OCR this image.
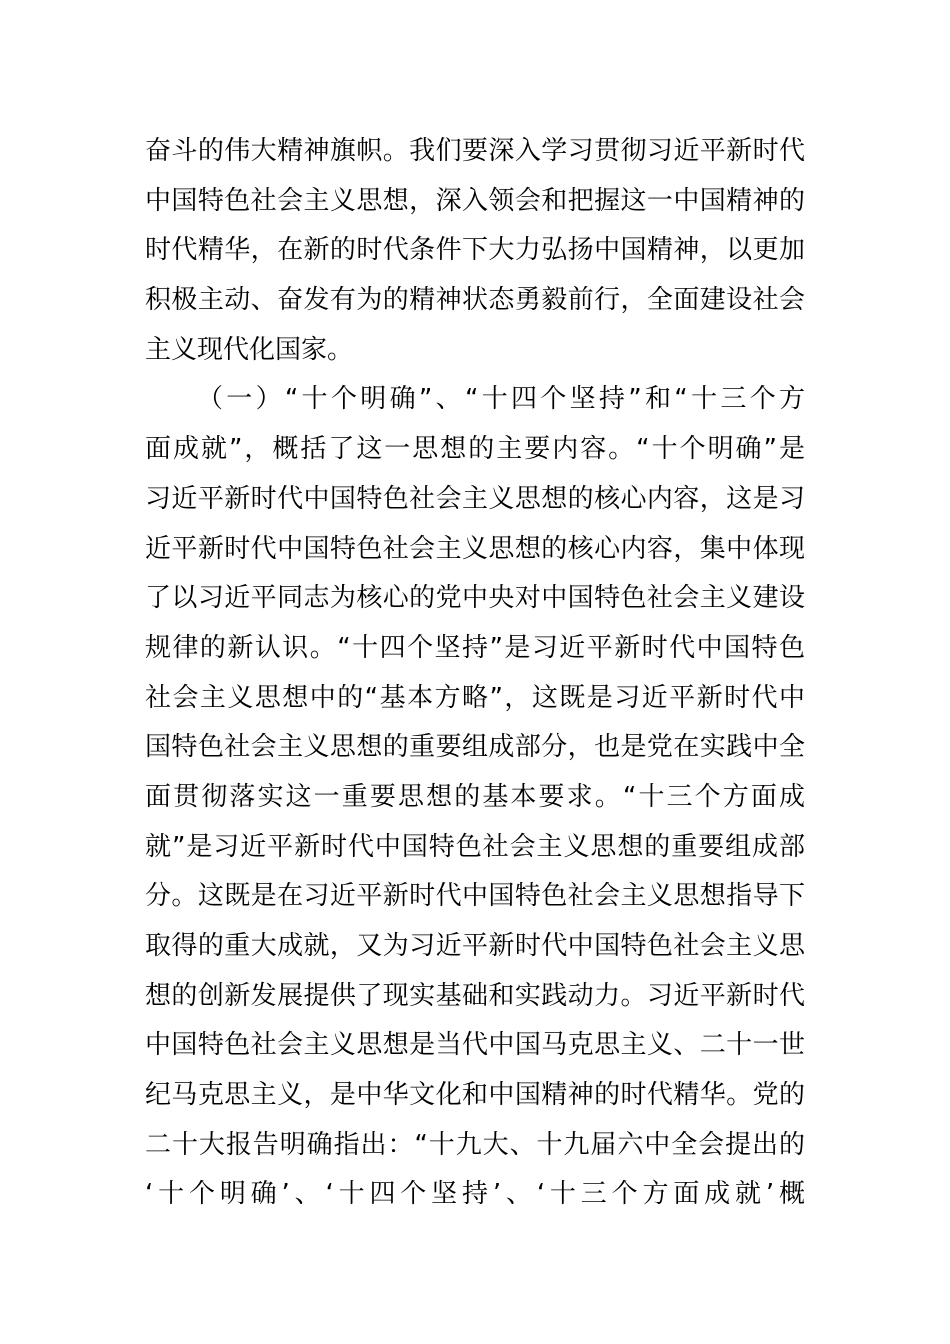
奋斗的伟大精神旗帜。我们要深入学习贯彻习近平新时代
中国特色社会主义思想，深入领会和把握这一中国精神的
时代精华，在新的时代条件下大力弘扬中国精神，以更加
积极主动、奋发有为的精神状态勇毅前行，全面建设社会
主义现代化国家。
（一）“十个明确”、“十四个坚持”和“十三个方
面成就”，概括了这一思想的主要内容。“十个明确”是
习近平新时代中国特色社会主义思想的核心内容，这是习
近平新时代中国特色社会主义思想的核心内容，集中体现
了以习近平同志为核心的党中央对中国特色社会主义建设
规律的新认识。“十四个坚持”是习近平新时代中国特色
社会主义思想中的“基本方略”，这既是习近平新时代中
国特色社会主义思想的重要组成部分，也是党在实践中全
面贯彻落实这一重要思想的基本要求。“十三个方面成
就”是习近平新时代中国特色社会主义思想的重要组成部
分。这既是在习近平新时代中国特色社会主义思想指导下
取得的重大成就，又为习近平新时代中国特色社会主义思
想的创新发展提供了现实基础和实践动力。习近平新时代
中国特色社会主义思想是当代中国马克思主义、二十一世
纪马克思主义，是中华文化和中国精神的时代精华。党的
二十大报告明确指出：“十九大、十九届六中全会提出的
‘十个明确’、‘十四个坚持’、‘十三个方面成就’概
